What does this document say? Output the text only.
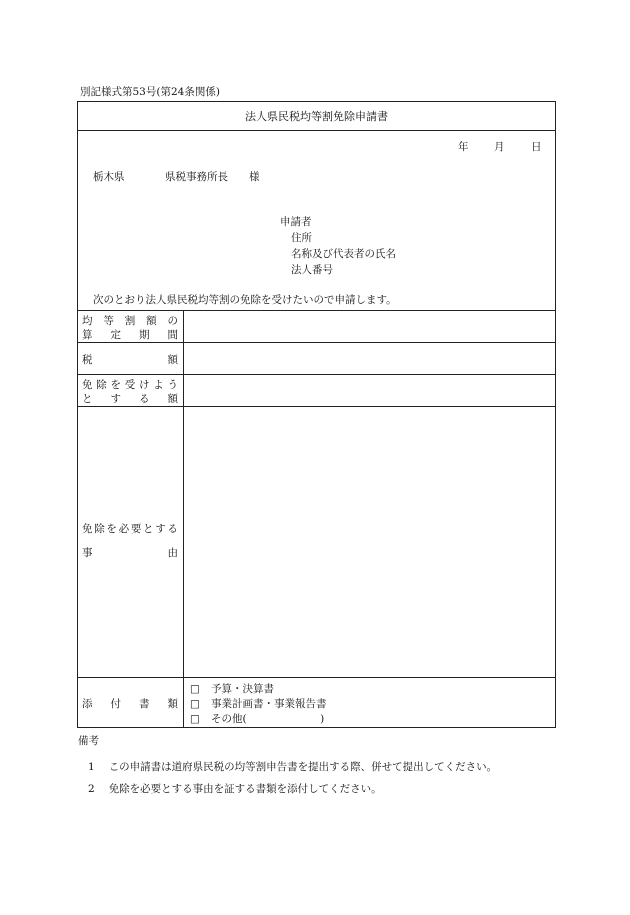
別記様式第53号(第24条関係)
法人県民税均等割免除申請書
年 月	日
栃木県	県税事務所長 様
申請者
住所
名称及び代表者の氏名
法人番号
次のとおり法人県民税均等割の免除を受けたいので申請します。
均 等 割 額 の
算 定 期 間
税	額
免 除 を 受 け よ う
と す る 額
免 除 を 必 要 と す る
事	由
添 付 書 類
□ 予算・決算書
□ 事業計画書・事業報告書
□ その他(　　　　　　　)
備考
1 この申請書は道府県民税の均等割申告書を提出する際、併せて提出してください。
2 免除を必要とする事由を証する書類を添付してください。
